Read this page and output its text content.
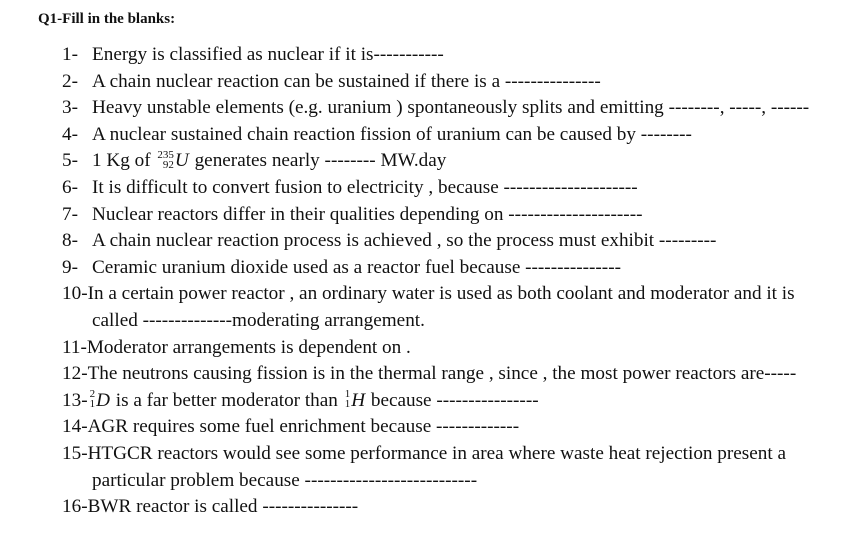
Q1-Fill in the blanks:
1- Energy is classified as nuclear if it is-----------
2- A chain nuclear reaction can be sustained if there is a ---------------
3- Heavy unstable elements (e.g. uranium ) spontaneously splits and emitting --------, -----, ------
4- A nuclear sustained chain reaction fission of uranium can be caused by --------
5- 1 Kg of 235
92 U generates nearly -------- MW.day
6- It is difficult to convert fusion to electricity , because ---------------------
7- Nuclear reactors differ in their qualities depending on ---------------------
8- A chain nuclear reaction process is achieved , so the process must exhibit ---------
9- Ceramic uranium dioxide used as a reactor fuel because ---------------
10-In a certain power reactor , an ordinary water is used as both coolant and moderator and it is
called --------------moderating arrangement.
11-Moderator arrangements is dependent on .
12-The neutrons causing fission is in the thermal range , since , the most power reactors are-----
13- 2
1 D is a far better moderator than 1
1 H because ----------------
14-AGR requires some fuel enrichment because -------------
15-HTGCR reactors would see some performance in area where waste heat rejection present a
particular problem because ---------------------------
16-BWR reactor is called ---------------
